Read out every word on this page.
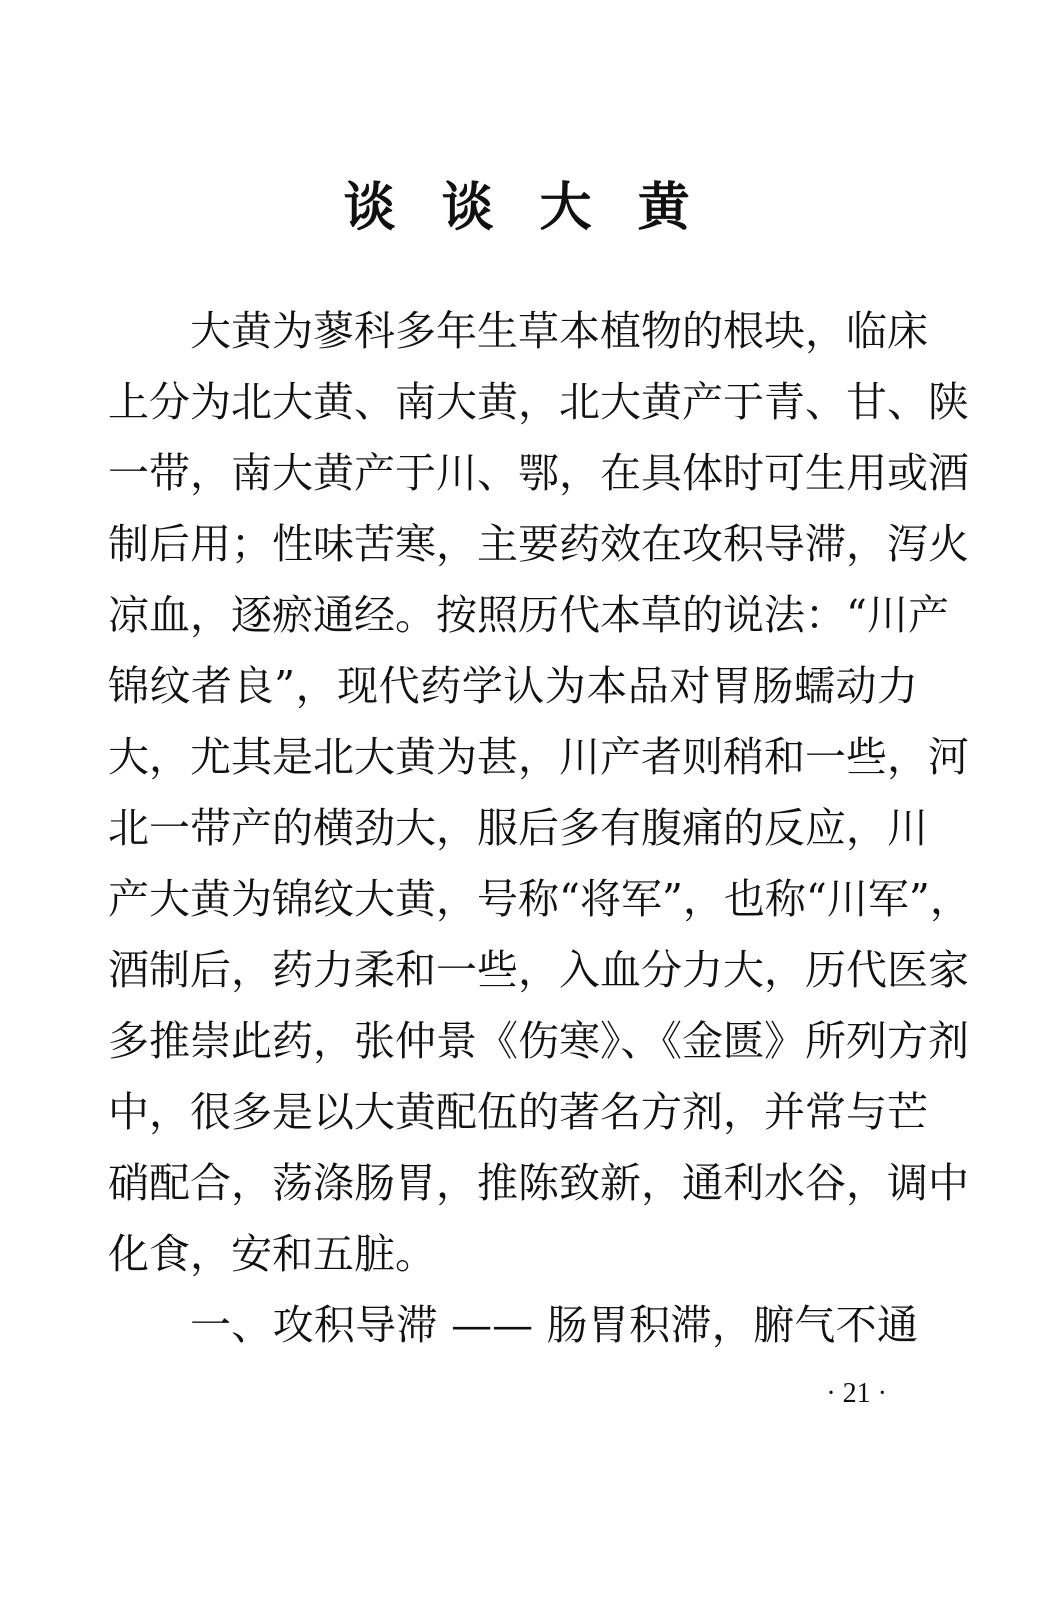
谈 谈 大 黄
大黄为蓼科多年生草本植物的根块，临床
上分为北大黄、南大黄，北大黄产于青、甘、陕
一带，南大黄产于川、鄂，在具体时可生用或酒
制后用；性味苦寒，主要药效在攻积导滞，泻火
凉血，逐瘀通经。按照历代本草的说法：“川产
锦纹者良”，现代药学认为本品对胃肠蠕动力
大，尤其是北大黄为甚，川产者则稍和一些，河
北一带产的横劲大，服后多有腹痛的反应，川
产大黄为锦纹大黄，号称“将军”，也称“川军”，
酒制后，药力柔和一些，入血分力大，历代医家
多推崇此药，张仲景《伤寒》、《金匮》所列方剂
中，很多是以大黄配伍的著名方剂，并常与芒
硝配合，荡涤肠胃，推陈致新，通利水谷，调中
化食，安和五脏。
一、攻积导滞 —— 肠胃积滞，腑气不通
· 21 ·
